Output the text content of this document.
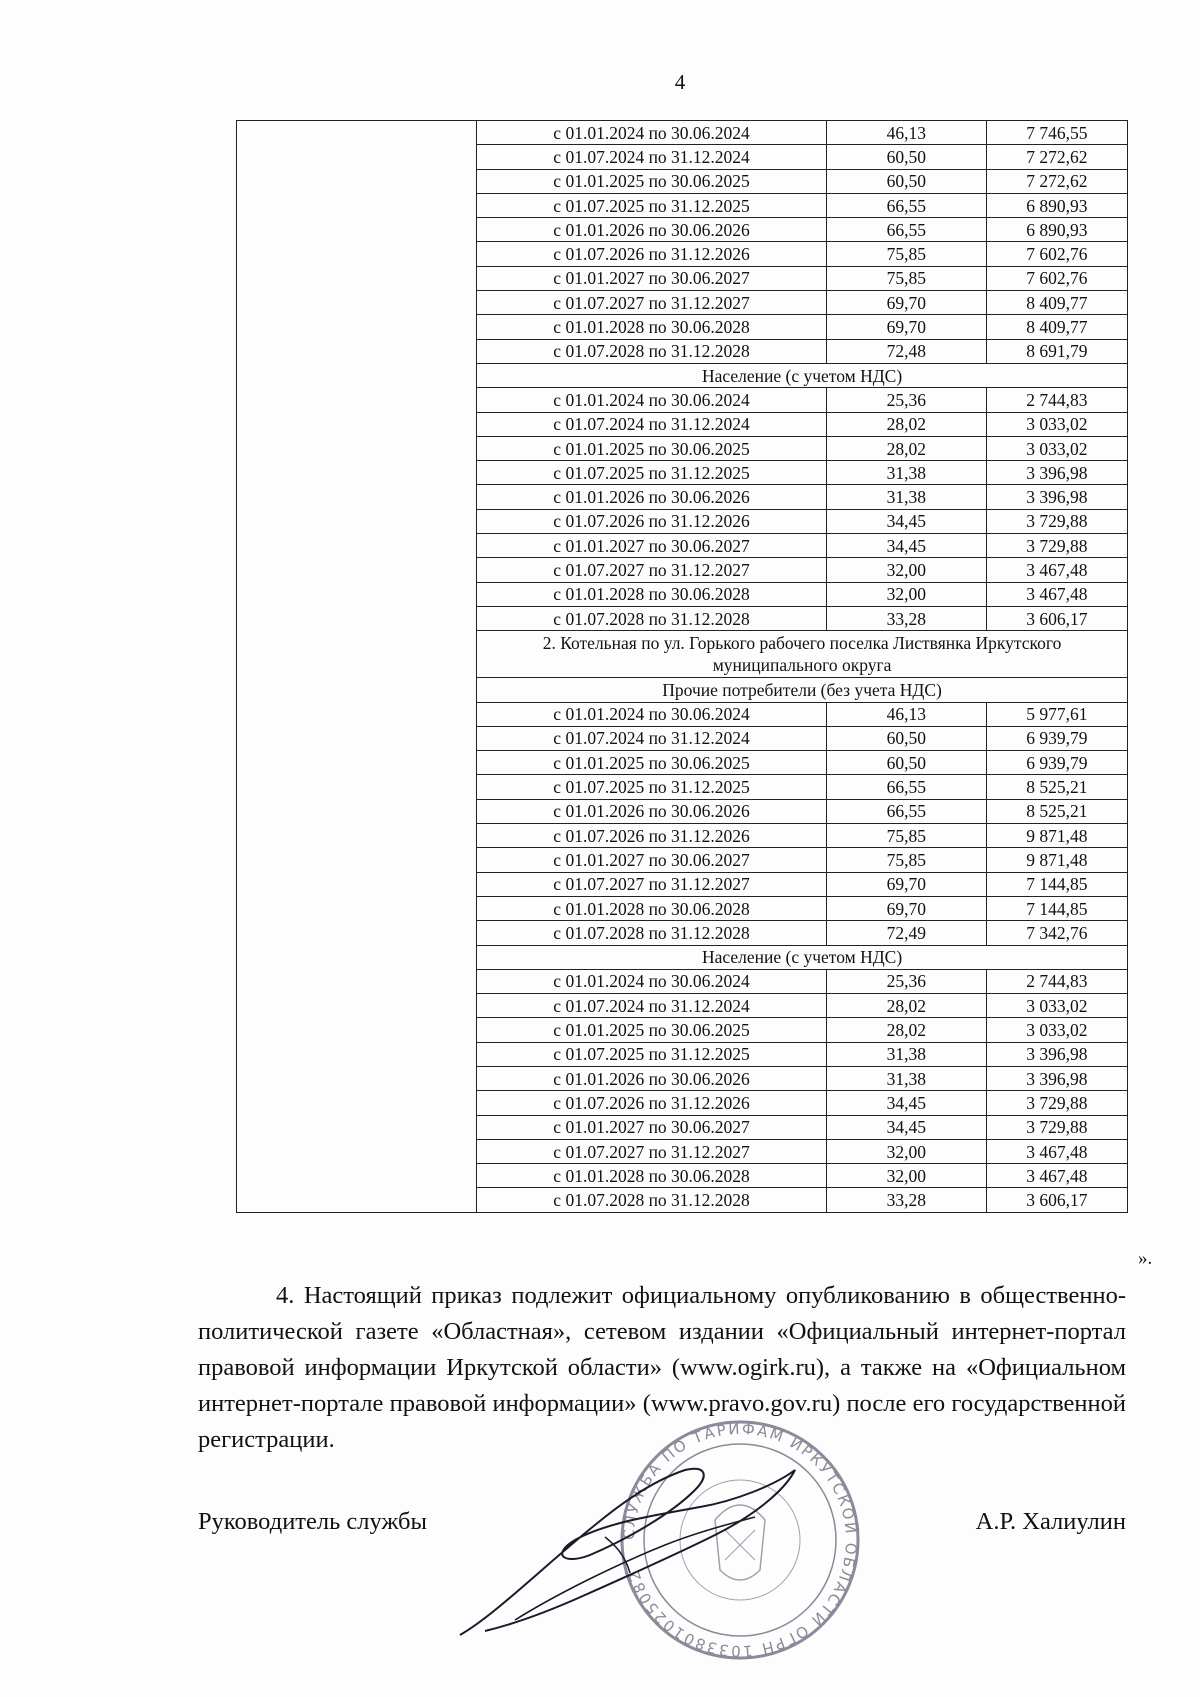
4
	с 01.01.2024 по 30.06.2024	46,13	7 746,55
	с 01.07.2024 по 31.12.2024	60,50	7 272,62
	с 01.01.2025 по 30.06.2025	60,50	7 272,62
	с 01.07.2025 по 31.12.2025	66,55	6 890,93
	с 01.01.2026 по 30.06.2026	66,55	6 890,93
	с 01.07.2026 по 31.12.2026	75,85	7 602,76
	с 01.01.2027 по 30.06.2027	75,85	7 602,76
	с 01.07.2027 по 31.12.2027	69,70	8 409,77
	с 01.01.2028 по 30.06.2028	69,70	8 409,77
	с 01.07.2028 по 31.12.2028	72,48	8 691,79
	Население (с учетом НДС)		
	с 01.01.2024 по 30.06.2024	25,36	2 744,83
	с 01.07.2024 по 31.12.2024	28,02	3 033,02
	с 01.01.2025 по 30.06.2025	28,02	3 033,02
	с 01.07.2025 по 31.12.2025	31,38	3 396,98
	с 01.01.2026 по 30.06.2026	31,38	3 396,98
	с 01.07.2026 по 31.12.2026	34,45	3 729,88
	с 01.01.2027 по 30.06.2027	34,45	3 729,88
	с 01.07.2027 по 31.12.2027	32,00	3 467,48
	с 01.01.2028 по 30.06.2028	32,00	3 467,48
	с 01.07.2028 по 31.12.2028	33,28	3 606,17
	2. Котельная по ул. Горького рабочего поселка Листвянка Иркутского муниципального округа		
	Прочие потребители (без учета НДС)		
	с 01.01.2024 по 30.06.2024	46,13	5 977,61
	с 01.07.2024 по 31.12.2024	60,50	6 939,79
	с 01.01.2025 по 30.06.2025	60,50	6 939,79
	с 01.07.2025 по 31.12.2025	66,55	8 525,21
	с 01.01.2026 по 30.06.2026	66,55	8 525,21
	с 01.07.2026 по 31.12.2026	75,85	9 871,48
	с 01.01.2027 по 30.06.2027	75,85	9 871,48
	с 01.07.2027 по 31.12.2027	69,70	7 144,85
	с 01.01.2028 по 30.06.2028	69,70	7 144,85
	с 01.07.2028 по 31.12.2028	72,49	7 342,76
	Население (с учетом НДС)		
	с 01.01.2024 по 30.06.2024	25,36	2 744,83
	с 01.07.2024 по 31.12.2024	28,02	3 033,02
	с 01.01.2025 по 30.06.2025	28,02	3 033,02
	с 01.07.2025 по 31.12.2025	31,38	3 396,98
	с 01.01.2026 по 30.06.2026	31,38	3 396,98
	с 01.07.2026 по 31.12.2026	34,45	3 729,88
	с 01.01.2027 по 30.06.2027	34,45	3 729,88
	с 01.07.2027 по 31.12.2027	32,00	3 467,48
	с 01.01.2028 по 30.06.2028	32,00	3 467,48
	с 01.07.2028 по 31.12.2028	33,28	3 606,17
».
4. Настоящий приказ подлежит официальному опубликованию в общественно-политической газете «Областная», сетевом издании «Официальный интернет-портал правовой информации Иркутской области» (www.ogirk.ru), а также на «Официальном интернет-портале правовой информации» (www.pravo.gov.ru) после его государственной регистрации.
СЛУЖБА ПО ТАРИФАМ ИРКУТСКОЙ ОБЛАСТИ ОГРН 1033801025082
Руководитель службы	А.Р. Халиулин
